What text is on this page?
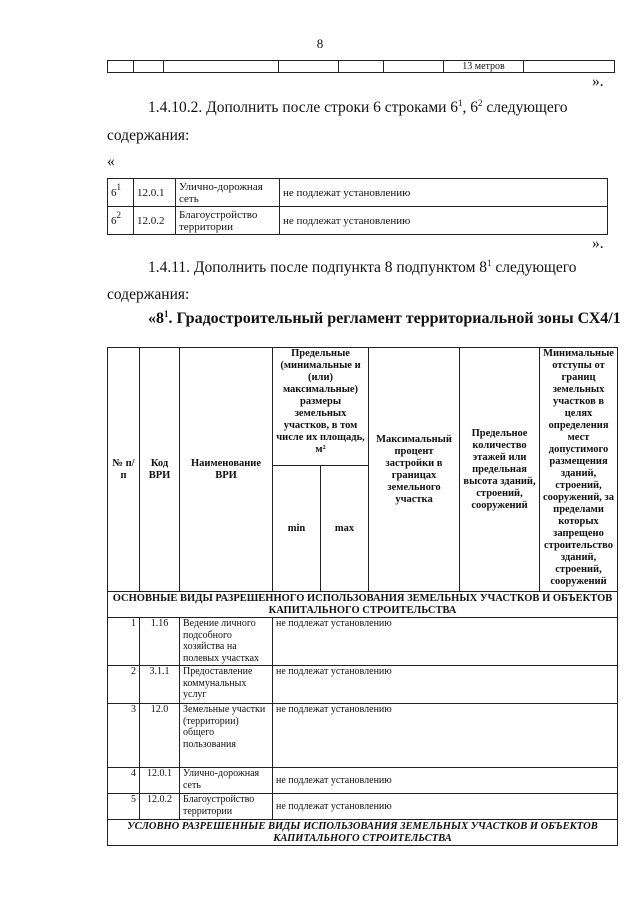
8
								13 метров	
».
1.4.10.2. Дополнить после строки 6 строками $6^1$, $6^2$ следующего
содержания:
«
$6^1$	12.0.1	Улично-дорожная сеть	не подлежат установлению
$6^2$	12.0.2	Благоустройство территории	не подлежат установлению
».
1.4.11. Дополнить после подпункта 8 подпунктом $8^1$ следующего
содержания:
«$8^1$. Градостроительный регламент территориальной зоны СХ4/1
№ п/п	Код ВРИ	Наименование ВРИ	Предельные (минимальные и (или) максимальные) размеры земельных участков, в том числе их площадь, м²		Максимальный процент застройки в границах земельного участка	Предельное количество этажей или предельная высота зданий, строений, сооружений	Минимальные отступы от границ земельных участков в целях определения мест допустимого размещения зданий, строений, сооружений, за пределами которых запрещено строительство зданий, строений, сооружений
			min	max			
ОСНОВНЫЕ ВИДЫ РАЗРЕШЕННОГО ИСПОЛЬЗОВАНИЯ ЗЕМЕЛЬНЫХ УЧАСТКОВ И ОБЪЕКТОВ КАПИТАЛЬНОГО СТРОИТЕЛЬСТВА							
1	1.16	Ведение личного подсобного хозяйства на полевых участках	не подлежат установлению				
2	3.1.1	Предоставление коммунальных услуг	не подлежат установлению				
3	12.0	Земельные участки (территории) общего пользования	не подлежат установлению				
4	12.0.1	Улично-дорожная сеть	не подлежат установлению				
5	12.0.2	Благоустройство территории	не подлежат установлению				
УСЛОВНО РАЗРЕШЕННЫЕ ВИДЫ ИСПОЛЬЗОВАНИЯ ЗЕМЕЛЬНЫХ УЧАСТКОВ И ОБЪЕКТОВ КАПИТАЛЬНОГО СТРОИТЕЛЬСТВА							
